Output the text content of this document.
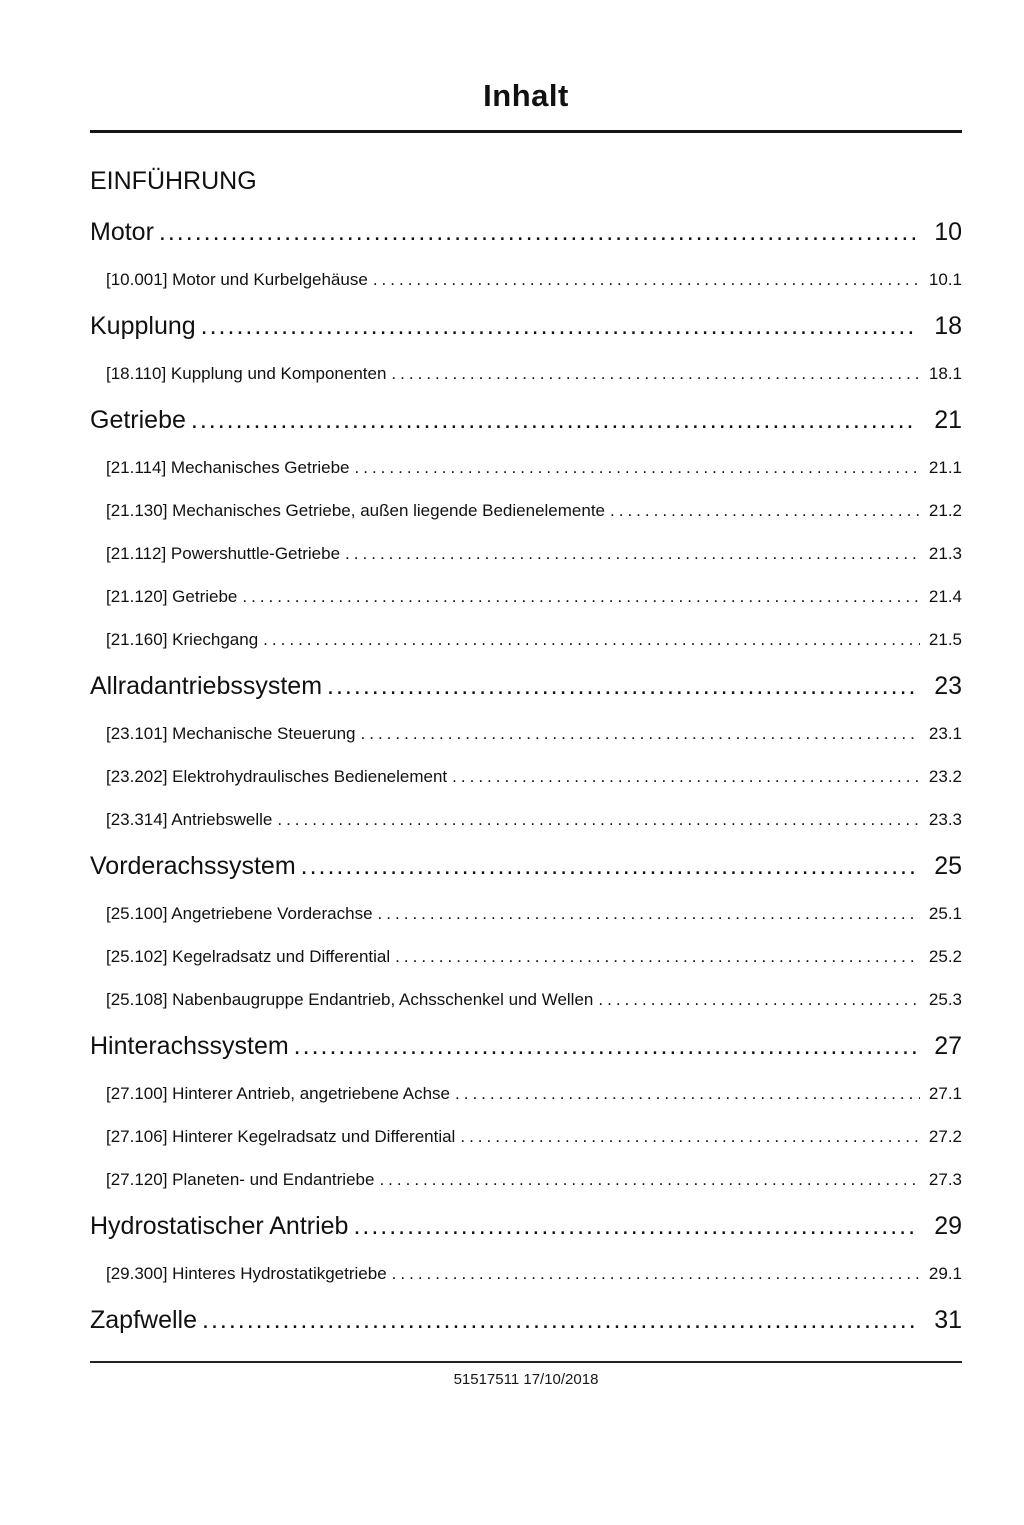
Inhalt
EINFÜHRUNG
Motor .....	10
[10.001] Motor und Kurbelgehäuse .....	10.1
Kupplung .....	18
[18.110] Kupplung und Komponenten .....	18.1
Getriebe .....	21
[21.114] Mechanisches Getriebe .....	21.1
[21.130] Mechanisches Getriebe, außen liegende Bedienelemente .....	21.2
[21.112] Powershuttle-Getriebe .....	21.3
[21.120] Getriebe .....	21.4
[21.160] Kriechgang .....	21.5
Allradantriebssystem .....	23
[23.101] Mechanische Steuerung .....	23.1
[23.202] Elektrohydraulisches Bedienelement .....	23.2
[23.314] Antriebswelle .....	23.3
Vorderachssystem .....	25
[25.100] Angetriebene Vorderachse .....	25.1
[25.102] Kegelradsatz und Differential .....	25.2
[25.108] Nabenbaugruppe Endantrieb, Achsschenkel und Wellen .....	25.3
Hinterachssystem .....	27
[27.100] Hinterer Antrieb, angetriebene Achse .....	27.1
[27.106] Hinterer Kegelradsatz und Differential .....	27.2
[27.120] Planeten- und Endantriebe .....	27.3
Hydrostatischer Antrieb .....	29
[29.300] Hinteres Hydrostatikgetriebe .....	29.1
Zapfwelle .....	31
51517511 17/10/2018
